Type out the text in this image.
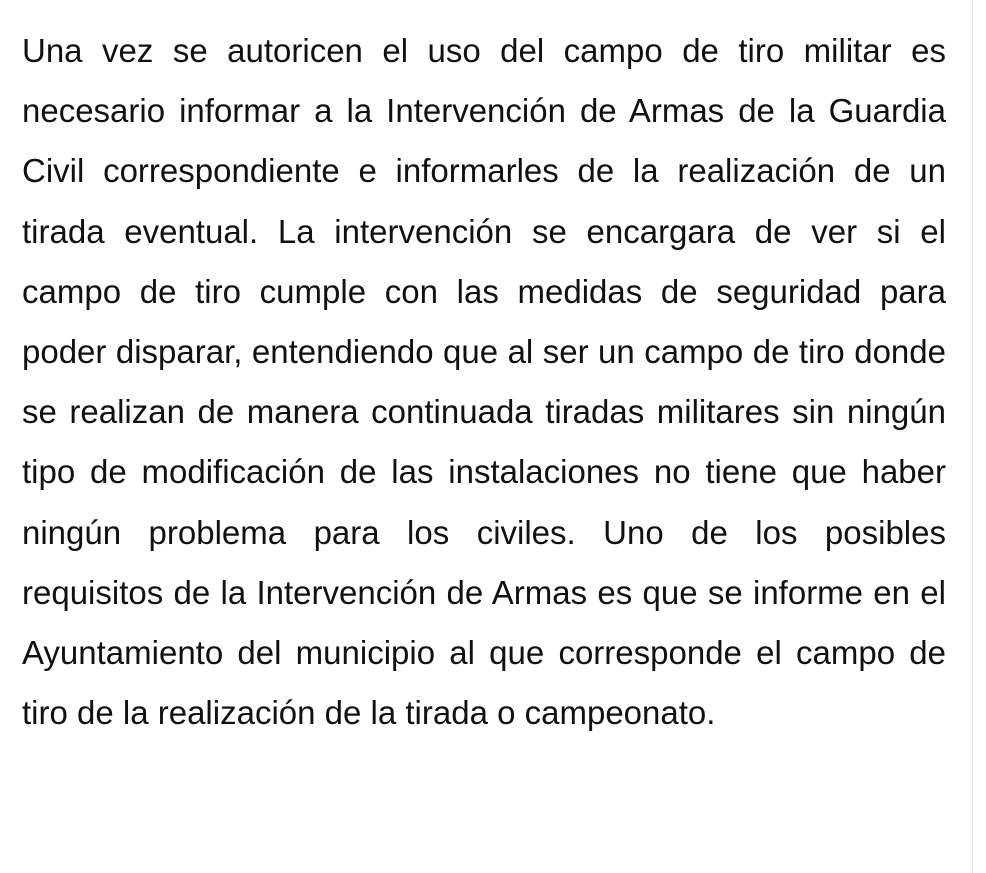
Una vez se autoricen el uso del campo de tiro militar es necesario informar a la Intervención de Armas de la Guardia Civil correspondiente e informarles de la realización de un tirada eventual. La intervención se encargara de ver si el campo de tiro cumple con las medidas de seguridad para poder disparar, entendiendo que al ser un campo de tiro donde se realizan de manera continuada tiradas militares sin ningún tipo de modificación de las instalaciones no tiene que haber ningún problema para los civiles. Uno de los posibles requisitos de la Intervención de Armas es que se informe en el Ayuntamiento del municipio al que corresponde el campo de tiro de la realización de la tirada o campeonato.
